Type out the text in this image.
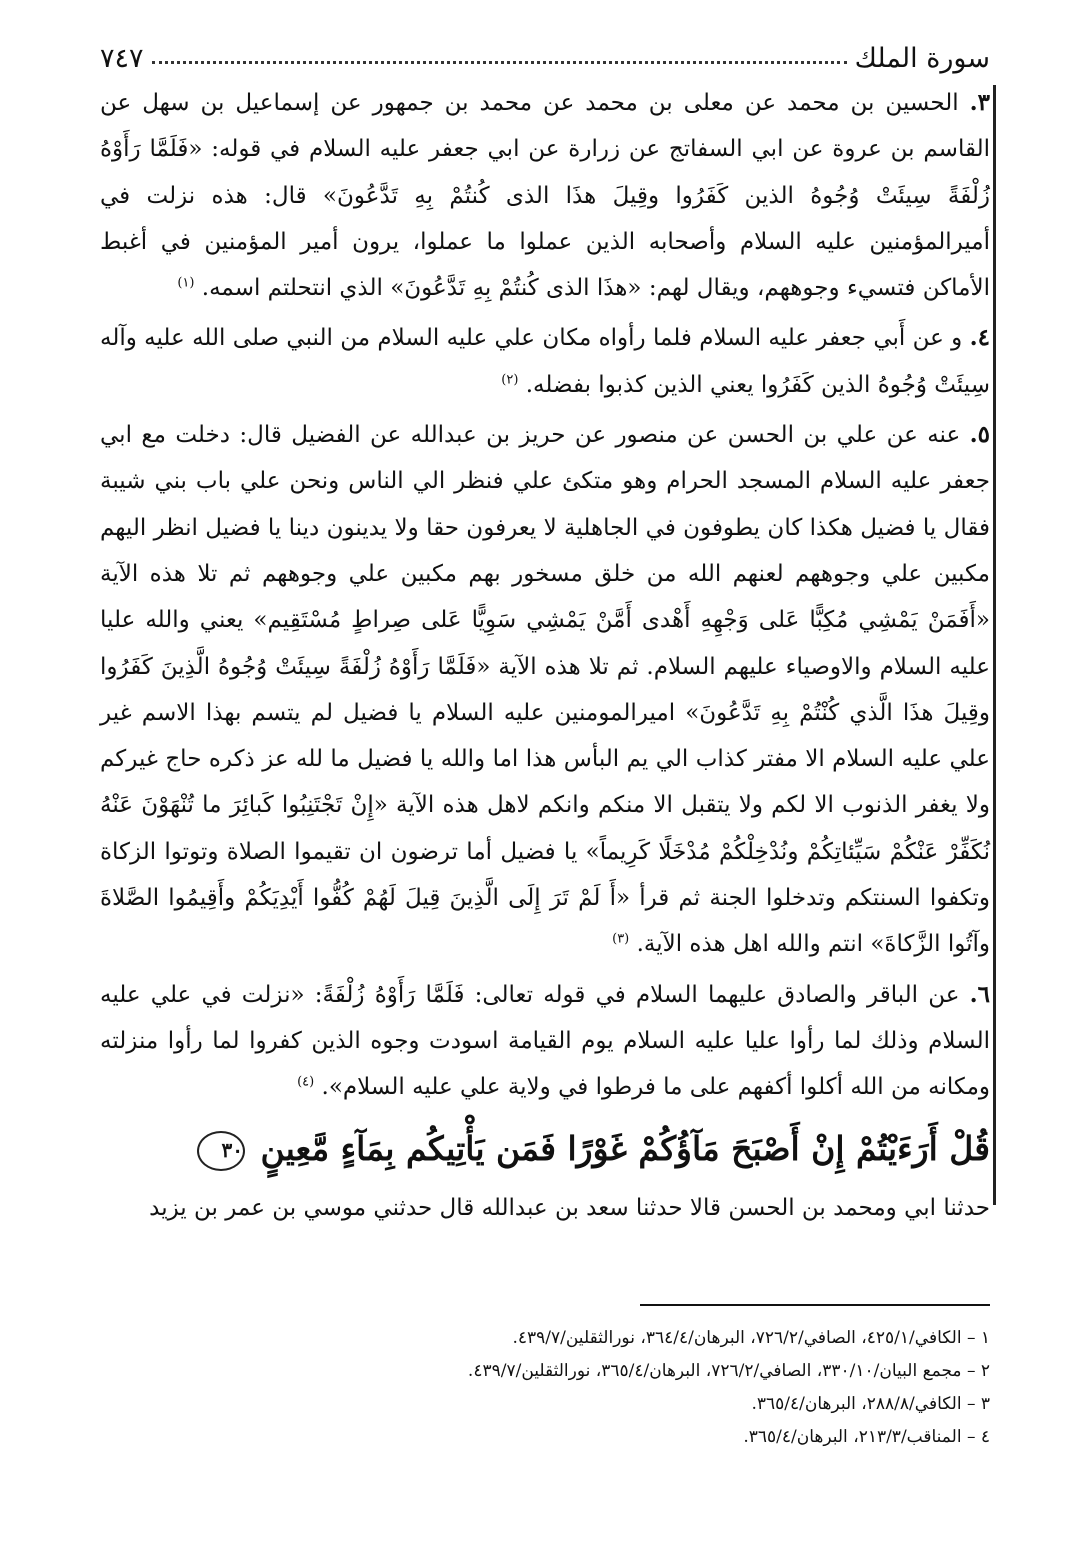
سورة الملك
٧٤٧

٣. الحسين بن محمد عن معلى بن محمد عن محمد بن جمهور عن إسماعيل بن سهل عن القاسم بن عروة عن ابي السفاتج عن زرارة عن ابي جعفر عليه السلام في قوله: «فَلَمَّا رَأَوْهُ زُلْفَةً سِيئَتْ وُجُوهُ الذين كَفَرُوا وقِيلَ هذَا الذى كُنتُمْ بِهِ تَدَّعُونَ» قال: هذه نزلت في أميرالمؤمنين عليه السلام وأصحابه الذين عملوا ما عملوا، يرون أمير المؤمنين في أغبط الأماكن فتسيء وجوههم، ويقال لهم: «هذَا الذى كُنتُمْ بِهِ تَدَّعُونَ» الذي انتحلتم اسمه. $^{(١)}$

٤. و عن أَبي جعفر عليه السلام فلما رأواه مكان علي عليه السلام من النبي صلى الله عليه وآله سِيئَتْ وُجُوهُ الذين كَفَرُوا يعني الذين كذبوا بفضله. $^{(٢)}$

٥. عنه عن علي بن الحسن عن منصور عن حريز بن عبدالله عن الفضيل قال: دخلت مع ابي جعفر عليه السلام المسجد الحرام وهو متكئ علي فنظر الي الناس ونحن علي باب بني شيبة فقال يا فضيل هكذا كان يطوفون في الجاهلية لا يعرفون حقا ولا يدينون دينا يا فضيل انظر اليهم مكبين علي وجوههم لعنهم الله من خلق مسخور بهم مكبين علي وجوههم ثم تلا هذه الآية «أَفَمَنْ يَمْشِي مُكِبًّا عَلى وَجْهِهِ أَهْدى أَمَّنْ يَمْشِي سَوِيًّا عَلى صِراطٍ مُسْتَقِيم» يعني والله عليا عليه السلام والاوصياء عليهم السلام. ثم تلا هذه الآية «فَلَمَّا رَأَوْهُ زُلْفَةً سِيئَتْ وُجُوهُ الَّذِينَ كَفَرُوا وقِيلَ هذَا الَّذي كُنْتُمْ بِهِ تَدَّعُونَ» اميرالمومنين عليه السلام يا فضيل لم يتسم بهذا الاسم غير علي عليه السلام الا مفتر كذاب الي يم البأس هذا اما والله يا فضيل ما لله عز ذكره حاج غيركم ولا يغفر الذنوب الا لكم ولا يتقبل الا منكم وانكم لاهل هذه الآية «إِنْ تَجْتَنِبُوا كَبائِرَ ما تُنْهَوْنَ عَنْهُ نُكَفِّرْ عَنْكُمْ سَيِّئاتِكُمْ ونُدْخِلْكُمْ مُدْخَلًا كَرِيماً» يا فضيل أما ترضون ان تقيموا الصلاة وتوتوا الزكاة وتكفوا السنتكم وتدخلوا الجنة ثم قرأ «أَ لَمْ تَرَ إِلَى الَّذِينَ قِيلَ لَهُمْ كُفُّوا أَيْدِيَكُمْ وأَقِيمُوا الصَّلاةَ وآتُوا الزَّكاةَ» انتم والله اهل هذه الآية. $^{(٣)}$

٦. عن الباقر والصادق عليهما السلام في قوله تعالى: فَلَمَّا رَأَوْهُ زُلْفَةً: «نزلت في علي عليه السلام وذلك لما رأوا عليا عليه السلام يوم القيامة اسودت وجوه الذين كفروا لما رأوا منزلته ومكانه من الله أكلوا أكفهم على ما فرطوا في ولاية علي عليه السلام». $^{(٤)}$

قُلْ أَرَءَيْتُمْ إِنْ أَصْبَحَ مَآؤُكُمْ غَوْرًا فَمَن يَأْتِيكُم بِمَآءٍ مَّعِينٍ ٣٠

حدثنا ابي ومحمد بن الحسن قالا حدثنا سعد بن عبدالله قال حدثني موسي بن عمر بن يزيد

١ – الكافي/٤٢٥/١، الصافي/٧٢٦/٢، البرهان/٣٦٤/٤، نورالثقلين/٤٣٩/٧.
٢ – مجمع البيان/٣٣٠/١٠، الصافي/٧٢٦/٢، البرهان/٣٦٥/٤، نورالثقلين/٤٣٩/٧.
٣ – الكافي/٢٨٨/٨، البرهان/٣٦٥/٤.
٤ – المناقب/٢١٣/٣، البرهان/٣٦٥/٤.
